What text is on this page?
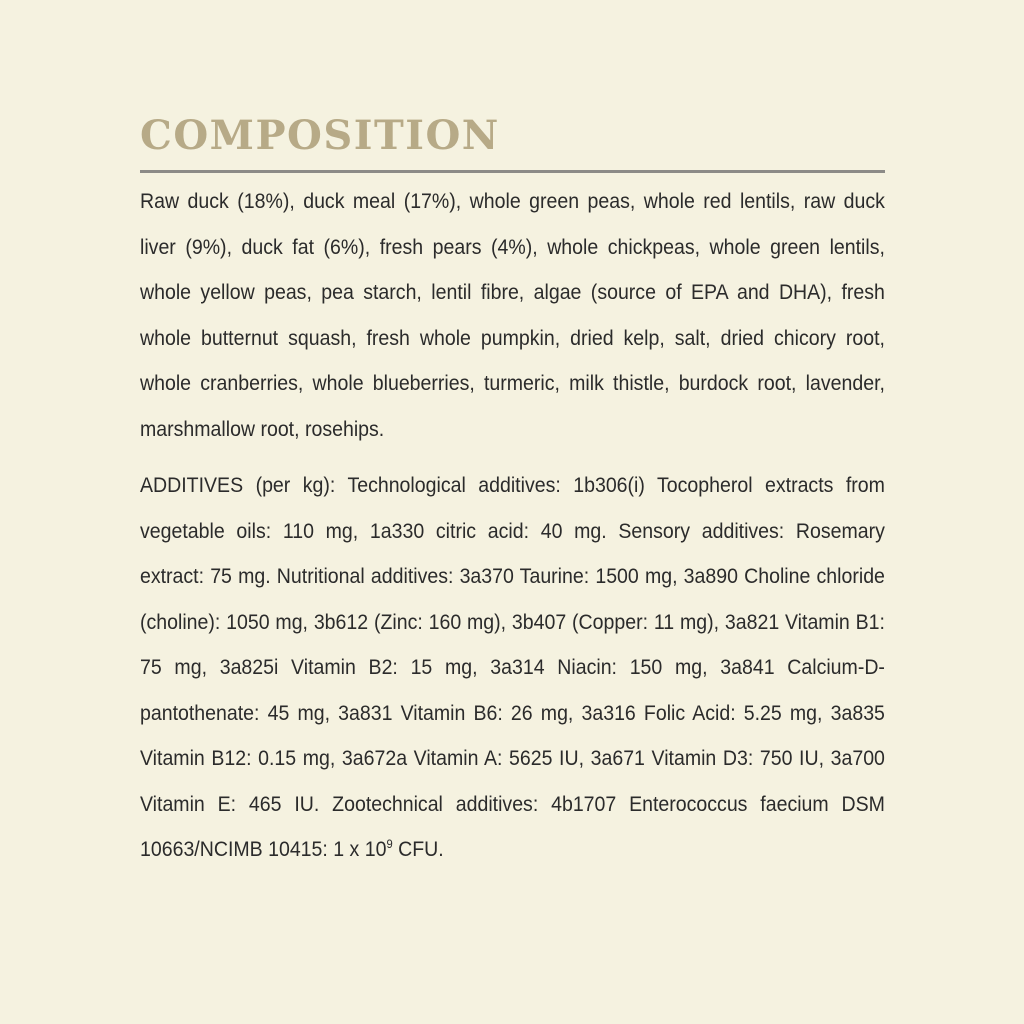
COMPOSITION

Raw duck (18%), duck meal (17%), whole green peas, whole red lentils, raw duck liver (9%), duck fat (6%), fresh pears (4%), whole chickpeas, whole green lentils, whole yellow peas, pea starch, lentil fibre, algae (source of EPA and DHA), fresh whole butternut squash, fresh whole pumpkin, dried kelp, salt, dried chicory root, whole cranberries, whole blueberries, turmeric, milk thistle, burdock root, lavender, marshmallow root, rosehips.

ADDITIVES (per kg): Technological additives: 1b306(i) Tocopherol extracts from vegetable oils: 110 mg, 1a330 citric acid: 40 mg. Sensory additives: Rosemary extract: 75 mg. Nutritional additives: 3a370 Taurine: 1500 mg, 3a890 Choline chloride (choline): 1050 mg, 3b612 (Zinc: 160 mg), 3b407 (Copper: 11 mg), 3a821 Vitamin B1: 75 mg, 3a825i Vitamin B2: 15 mg, 3a314 Niacin: 150 mg, 3a841 Calcium-D-pantothenate: 45 mg, 3a831 Vitamin B6: 26 mg, 3a316 Folic Acid: 5.25 mg, 3a835 Vitamin B12: 0.15 mg, 3a672a Vitamin A: 5625 IU, 3a671 Vitamin D3: 750 IU, 3a700 Vitamin E: 465 IU. Zootechnical additives: 4b1707 Enterococcus faecium DSM 10663/NCIMB 10415: 1 x $10^9$ CFU.
